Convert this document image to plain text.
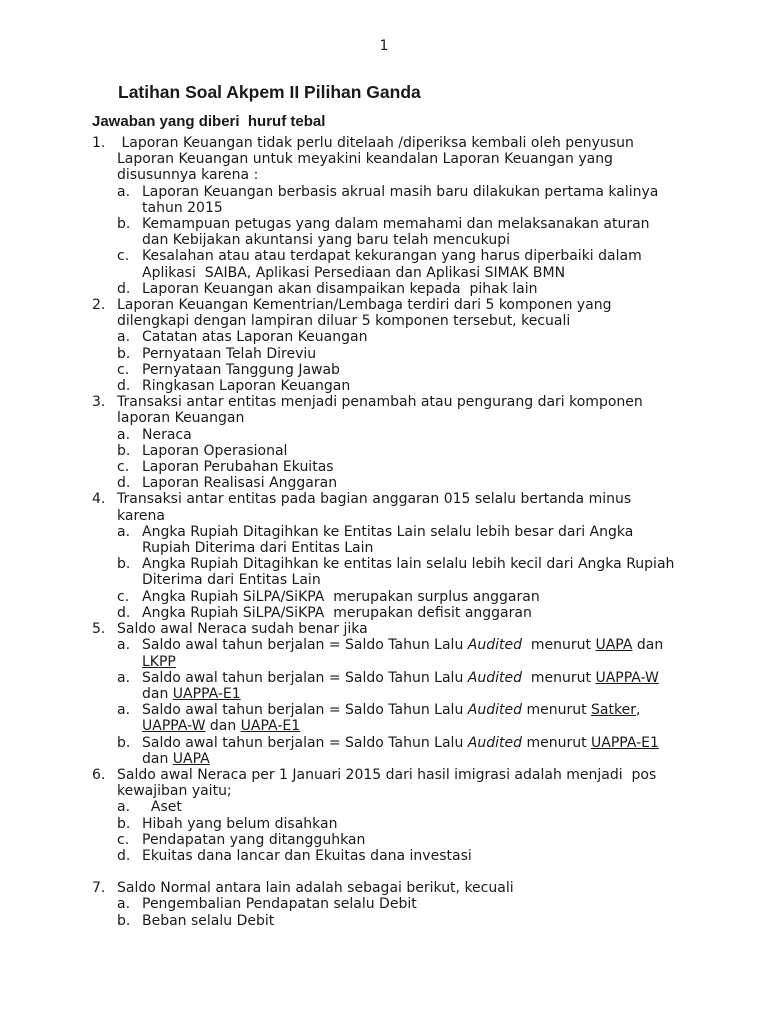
1
Latihan Soal Akpem II Pilihan Ganda
Jawaban yang diberi  huruf tebal
1. Laporan Keuangan tidak perlu ditelaah /diperiksa kembali oleh penyusun Laporan Keuangan untuk meyakini keandalan Laporan Keuangan yang disusunnya karena :
a. Laporan Keuangan berbasis akrual masih baru dilakukan pertama kalinya tahun 2015
b. Kemampuan petugas yang dalam memahami dan melaksanakan aturan dan Kebijakan akuntansi yang baru telah mencukupi
c. Kesalahan atau atau terdapat kekurangan yang harus diperbaiki dalam Aplikasi  SAIBA, Aplikasi Persediaan dan Aplikasi SIMAK BMN
d. Laporan Keuangan akan disampaikan kepada  pihak lain
2. Laporan Keuangan Kementrian/Lembaga terdiri dari 5 komponen yang dilengkapi dengan lampiran diluar 5 komponen tersebut, kecuali
a. Catatan atas Laporan Keuangan
b. Pernyataan Telah Direviu
c. Pernyataan Tanggung Jawab
d. Ringkasan Laporan Keuangan
3. Transaksi antar entitas menjadi penambah atau pengurang dari komponen laporan Keuangan
a. Neraca
b. Laporan Operasional
c. Laporan Perubahan Ekuitas
d. Laporan Realisasi Anggaran
4. Transaksi antar entitas pada bagian anggaran 015 selalu bertanda minus karena
a. Angka Rupiah Ditagihkan ke Entitas Lain selalu lebih besar dari Angka Rupiah Diterima dari Entitas Lain
b. Angka Rupiah Ditagihkan ke entitas lain selalu lebih kecil dari Angka Rupiah Diterima dari Entitas Lain
c. Angka Rupiah SiLPA/SiKPA  merupakan surplus anggaran
d. Angka Rupiah SiLPA/SiKPA  merupakan defisit anggaran
5. Saldo awal Neraca sudah benar jika
a. Saldo awal tahun berjalan = Saldo Tahun Lalu Audited  menurut UAPA dan LKPP
a. Saldo awal tahun berjalan = Saldo Tahun Lalu Audited  menurut UAPPA-W dan UAPPA-E1
a. Saldo awal tahun berjalan = Saldo Tahun Lalu Audited menurut Satker, UAPPA-W dan UAPA-E1
b. Saldo awal tahun berjalan = Saldo Tahun Lalu Audited menurut UAPPA-E1 dan UAPA
6. Saldo awal Neraca per 1 Januari 2015 dari hasil imigrasi adalah menjadi  pos kewajiban yaitu;
a. Aset
b. Hibah yang belum disahkan
c. Pendapatan yang ditangguhkan
d. Ekuitas dana lancar dan Ekuitas dana investasi
7. Saldo Normal antara lain adalah sebagai berikut, kecuali
a. Pengembalian Pendapatan selalu Debit
b. Beban selalu Debit
